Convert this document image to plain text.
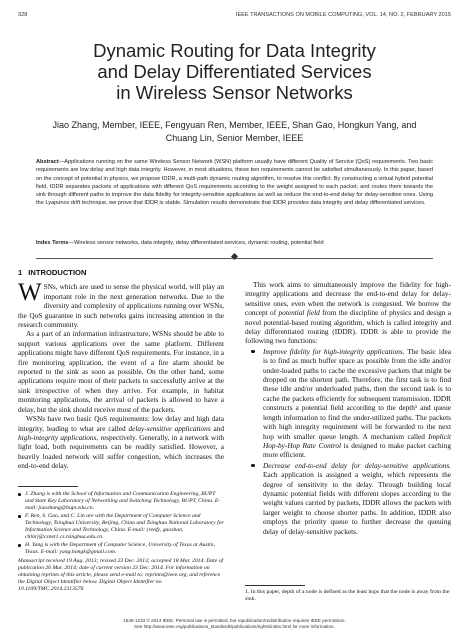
328	IEEE TRANSACTIONS ON MOBILE COMPUTING, VOL. 14, NO. 2, FEBRUARY 2015
Dynamic Routing for Data Integrity
and Delay Differentiated Services
in Wireless Sensor Networks
Jiao Zhang, Member, IEEE, Fengyuan Ren, Member, IEEE, Shan Gao, Hongkun Yang, and
Chuang Lin, Senior Member, IEEE
Abstract—Applications running on the same Wireless Sensor Network (WSN) platform usually have different Quality of Service (QoS) requirements. Two basic requirements are low delay and high data integrity. However, in most situations, these two requirements cannot be satisfied simultaneously. In this paper, based on the concept of potential in physics, we propose IDDR, a multi-path dynamic routing algorithm, to resolve this conflict. By constructing a virtual hybrid potential field, IDDR separates packets of applications with different QoS requirements according to the weight assigned to each packet, and routes them towards the sink through different paths to improve the data fidelity for integrity-sensitive applications as well as reduce the end-to-end delay for delay-sensitive ones. Using the Lyapunov drift technique, we prove that IDDR is stable. Simulation results demonstrate that IDDR provides data integrity and delay differentiated services.
Index Terms—Wireless sensor networks, data integrity, delay differentiated services, dynamic routing, potential field
1 INTRODUCTION

W SNs, which are used to sense the physical world, will play an important role in the next generation networks. Due to the diversity and complexity of applications running over WSNs, the QoS guarantee in such networks gains increasing attention in the research community.

As a part of an information infrastructure, WSNs should be able to support various applications over the same platform. Different applications might have different QoS requirements. For instance, in a fire monitoring application, the event of a fire alarm should be reported to the sink as soon as possible. On the other hand, some applications require most of their packets to successfully arrive at the sink irrespective of when they arrive. For example, in habitat monitoring applications, the arrival of packets is allowed to have a delay, but the sink should receive most of the packets.

WSNs have two basic QoS requirements: low delay and high data integrity, leading to what are called delay-sensitive applications and high-integrity applications, respectively. Generally, in a network with light load, both requirements can be readily satisfied. However, a heavily loaded network will suffer congestion, which increases the end-to-end delay.

J. Zhang is with the School of Information and Communication Engineering, BUPT and State Key Laboratory of Networking and Switching Technology, BUPT, China. E-mail: jiaozhang@bupt.edu.cn.
F. Ren, S. Gao, and C. Lin are with the Department of Computer Science and Technology, Tsinghua University, Beijing, China and Tsinghua National Laboratory for Information Science and Technology, China. E-mail: {renfy, gaoshan, chlin}@csnet1.cs.tsinghua.edu.cn.
H. Yang is with the Department of Computer Science, University of Texas at Austin, Texas. E-mail: yang.hongk@gmail.com.
Manuscript received 19 Aug. 2013; revised 23 Dec. 2013; accepted 18 Mar. 2014. Date of publication 26 Mar. 2014; date of current version 23 Dec. 2014. For information on obtaining reprints of this article, please send e-mail to: reprints@ieee.org, and reference the Digital Object Identifier below. Digital Object Identifier no. 10.1109/TMC.2014.2313576

This work aims to simultaneously improve the fidelity for high-integrity applications and decrease the end-to-end delay for delay-sensitive ones, even when the network is congested. We borrow the concept of potential field from the discipline of physics and design a novel potential-based routing algorithm, which is called integrity and delay differentiated routing (IDDR). IDDR is able to provide the following two functions:

Improve fidelity for high-integrity applications. The basic idea is to find as much buffer space as possible from the idle and/or under-loaded paths to cache the excessive packets that might be dropped on the shortest path. Therefore, the first task is to find these idle and/or underloaded paths, then the second task is to cache the packets efficiently for subsequent transmission. IDDR constructs a potential field according to the depth¹ and queue length information to find the under-utilized paths. The packets with high integrity requirement will be forwarded to the next hop with smaller queue length. A mechanism called Implicit Hop-by-Hop Rate Control is designed to make packet caching more efficient.
Decrease end-to-end delay for delay-sensitive applications. Each application is assigned a weight, which represents the degree of sensitivity to the delay. Through building local dynamic potential fields with different slopes according to the weight values carried by packets, IDDR allows the packets with larger weight to choose shorter paths. In addition, IDDR also employs the priority queue to further decrease the queuing delay of delay-sensitive packets.
1. In this paper, depth of a node is defined as the least hops that the node is away from the sink.
1536-1233 © 2014 IEEE. Personal use is permitted, but republication/redistribution requires IEEE permission.
See http://www.ieee.org/publications_standards/publications/rights/index.html for more information.
